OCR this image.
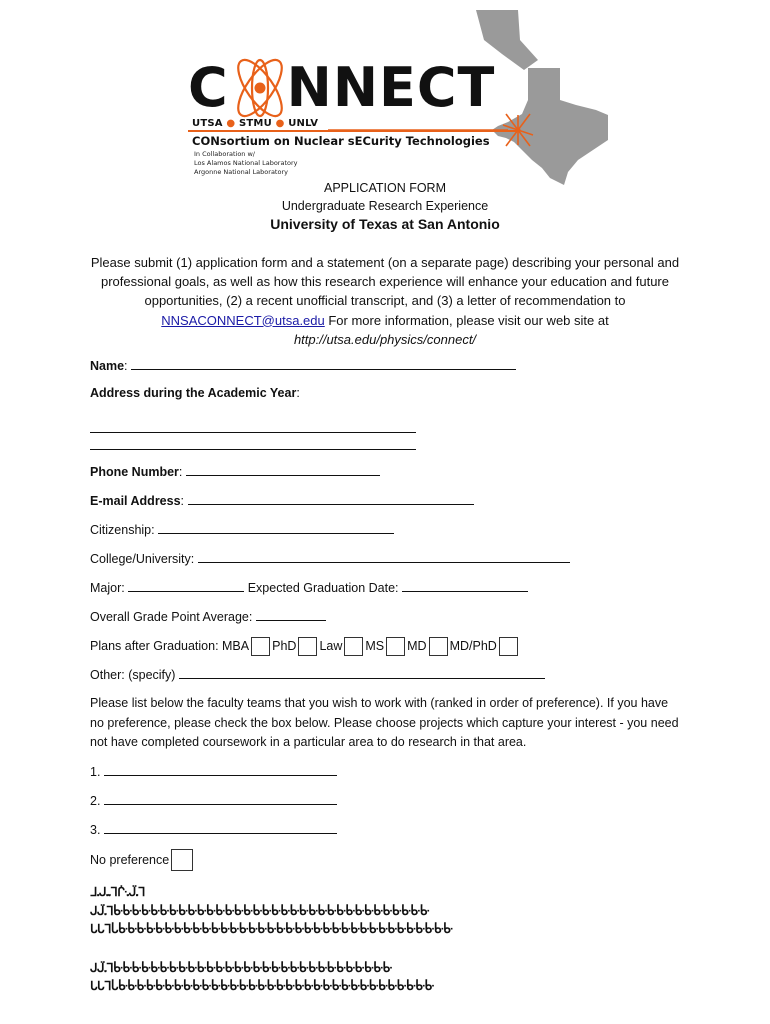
C NNECT
UTSA ● STMU ● UNLV
CONsortium on Nuclear sECurity Technologies
In Collaboration w/
Los Alamos National Laboratory
Argonne National Laboratory
APPLICATION FORM
Undergraduate Research Experience
University of Texas at San Antonio
Please submit (1) application form and a statement (on a separate page) describing your personal and professional goals, as well as how this research experience will enhance your education and future opportunities, (2) a recent unofficial transcript, and (3) a letter of recommendation to
NNSACONNECT@utsa.edu For more information, please visit our web site at
http://utsa.edu/physics/connect/
Name:
Address during the Academic Year:
Phone Number:
E-mail Address:
Citizenship:
College/University:
Major:	Expected Graduation Date:
Overall Grade Point Average:
Plans after Graduation: MBA PhD Law MS MD MD/PhD
Other: (specify)
Please list below the faculty teams that you wish to work with (ranked in order of preference). If you have no preference, please check the box below. Please choose projects which capture your interest - you need not have completed coursework in a particular area to do research in that area.
1.
2.
3.
No preference
ᒧ᎐ᒍ᎐᎐ᒣᒗ᎐ᒏ᎐ᒣ
ᒍᒏ᎐ᒣᒁᒁᒁᒁᒁᒁᒁᒁᒁᒁᒁᒁᒁᒁᒁᒁᒁᒁᒁᒁᒁᒁᒁᒁᒁᒁᒁᒁᒁᒁᒁᒁᒁᒁ
ᒐᒐᒣᒑᒁᒁᒁᒁᒁᒁᒁᒁᒁᒁᒁᒁᒁᒁᒁᒁᒁᒁᒁᒁᒁᒁᒁᒁᒁᒁᒁᒁᒁᒁᒁᒁᒁᒁᒁᒁ
ᒍᒏ᎐ᒣᒁᒁᒁᒁᒁᒁᒁᒁᒁᒁᒁᒁᒁᒁᒁᒁᒁᒁᒁᒁᒁᒁᒁᒁᒁᒁᒁᒁᒁᒁ
ᒐᒐᒣᒑᒁᒁᒁᒁᒁᒁᒁᒁᒁᒁᒁᒁᒁᒁᒁᒁᒁᒁᒁᒁᒁᒁᒁᒁᒁᒁᒁᒁᒁᒁᒁᒁᒁᒁ
